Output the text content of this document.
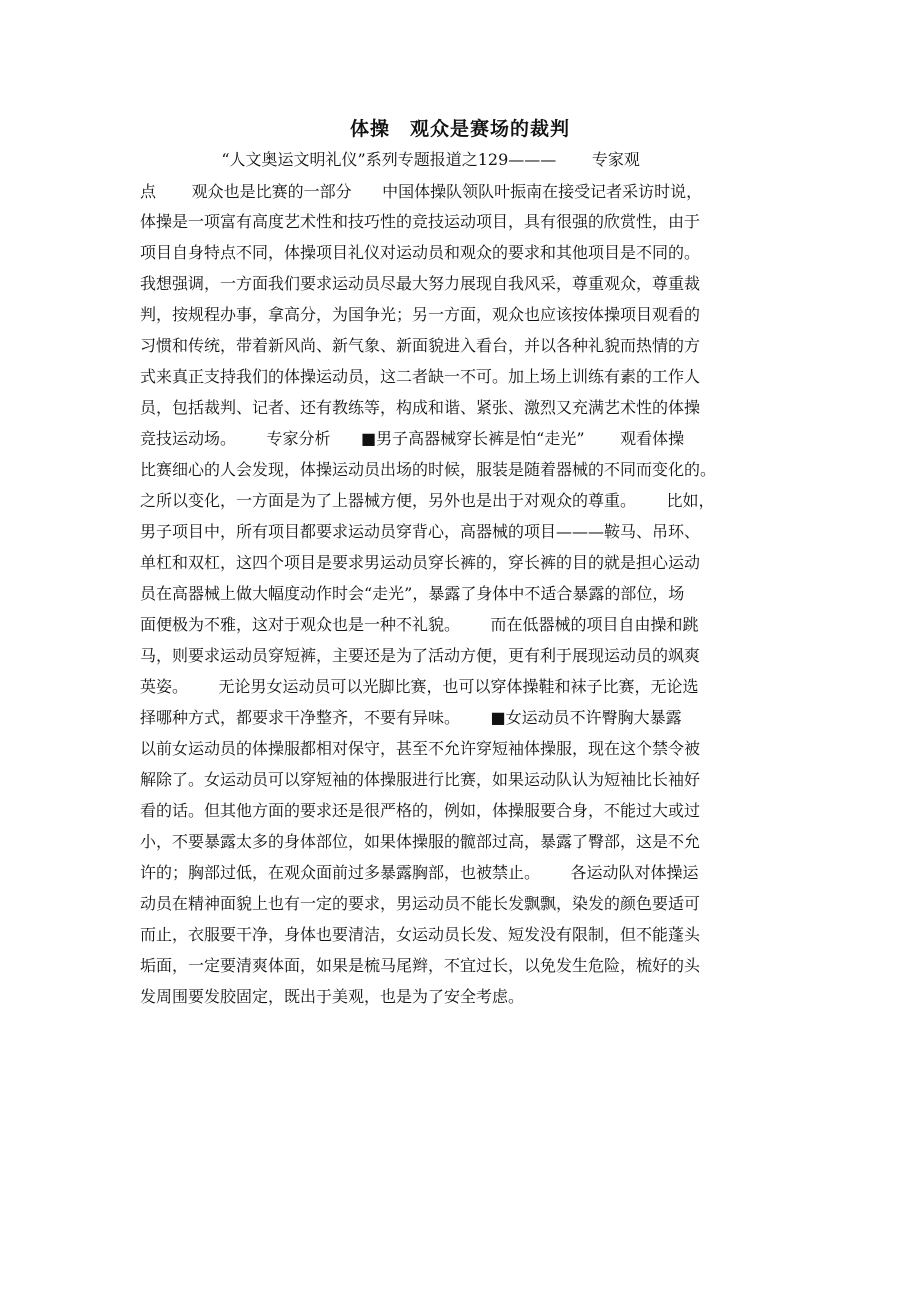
体操　观众是赛场的裁判
“人文奥运文明礼仪”系列专题报道之129———       专家观
点       观众也是比赛的一部分      中国体操队领队叶振南在接受记者采访时说，
体操是一项富有高度艺术性和技巧性的竞技运动项目，具有很强的欣赏性，由于
项目自身特点不同，体操项目礼仪对运动员和观众的要求和其他项目是不同的。
我想强调，一方面我们要求运动员尽最大努力展现自我风采，尊重观众，尊重裁
判，按规程办事，拿高分，为国争光；另一方面，观众也应该按体操项目观看的
习惯和传统，带着新风尚、新气象、新面貌进入看台，并以各种礼貌而热情的方
式来真正支持我们的体操运动员，这二者缺一不可。加上场上训练有素的工作人
员，包括裁判、记者、还有教练等，构成和谐、紧张、激烈又充满艺术性的体操
竞技运动场。      专家分析      ■男子高器械穿长裤是怕“走光”       观看体操
比赛细心的人会发现，体操运动员出场的时候，服装是随着器械的不同而变化的。
之所以变化，一方面是为了上器械方便，另外也是出于对观众的尊重。      比如，
男子项目中，所有项目都要求运动员穿背心，高器械的项目———鞍马、吊环、
单杠和双杠，这四个项目是要求男运动员穿长裤的，穿长裤的目的就是担心运动
员在高器械上做大幅度动作时会“走光”，暴露了身体中不适合暴露的部位，场
面便极为不雅，这对于观众也是一种不礼貌。      而在低器械的项目自由操和跳
马，则要求运动员穿短裤，主要还是为了活动方便，更有利于展现运动员的飒爽
英姿。      无论男女运动员可以光脚比赛，也可以穿体操鞋和袜子比赛，无论选
择哪种方式，都要求干净整齐，不要有异味。      ■女运动员不许臀胸大暴露
以前女运动员的体操服都相对保守，甚至不允许穿短袖体操服，现在这个禁令被
解除了。女运动员可以穿短袖的体操服进行比赛，如果运动队认为短袖比长袖好
看的话。但其他方面的要求还是很严格的，例如，体操服要合身，不能过大或过
小，不要暴露太多的身体部位，如果体操服的髋部过高，暴露了臀部，这是不允
许的；胸部过低，在观众面前过多暴露胸部，也被禁止。      各运动队对体操运
动员在精神面貌上也有一定的要求，男运动员不能长发飘飘，染发的颜色要适可
而止，衣服要干净，身体也要清洁，女运动员长发、短发没有限制，但不能蓬头
垢面，一定要清爽体面，如果是梳马尾辫，不宜过长，以免发生危险，梳好的头
发周围要发胶固定，既出于美观，也是为了安全考虑。
